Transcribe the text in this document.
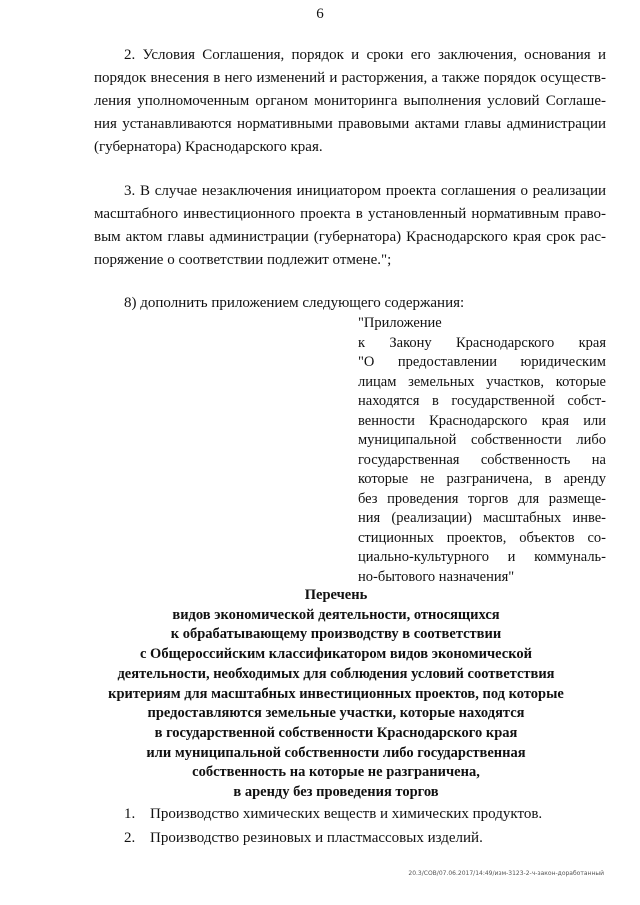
6
2. Условия Соглашения, порядок и сроки его заключения, основания и
порядок внесения в него изменений и расторжения, а также порядок осуществ-
ления уполномоченным органом мониторинга выполнения условий Соглаше-
ния устанавливаются нормативными правовыми актами главы администрации
(губернатора) Краснодарского края.
3. В случае незаключения инициатором проекта соглашения о реализации
масштабного инвестиционного проекта в установленный нормативным право-
вым актом главы администрации (губернатора) Краснодарского края срок рас-
поряжение о соответствии подлежит отмене.";
8) дополнить приложением следующего содержания:
"Приложение
к Закону Краснодарского края
"О предоставлении юридическим
лицам земельных участков, которые
находятся в государственной собст-
венности Краснодарского края или
муниципальной собственности либо
государственная собственность на
которые не разграничена, в аренду
без проведения торгов для размеще-
ния (реализации) масштабных инве-
стиционных проектов, объектов со-
циально-культурного и коммуналь-
но-бытового назначения"
Перечень
видов экономической деятельности, относящихся
к обрабатывающему производству в соответствии
с Общероссийским классификатором видов экономической
деятельности, необходимых для соблюдения условий соответствия
критериям для масштабных инвестиционных проектов, под которые
предоставляются земельные участки, которые находятся
в государственной собственности Краснодарского края
или муниципальной собственности либо государственная
собственность на которые не разграничена,
в аренду без проведения торгов
1. Производство химических веществ и химических продуктов.
2. Производство резиновых и пластмассовых изделий.
20.3/СОВ/07.06.2017/14:49/изм-3123-2-ч-закон-доработанный
